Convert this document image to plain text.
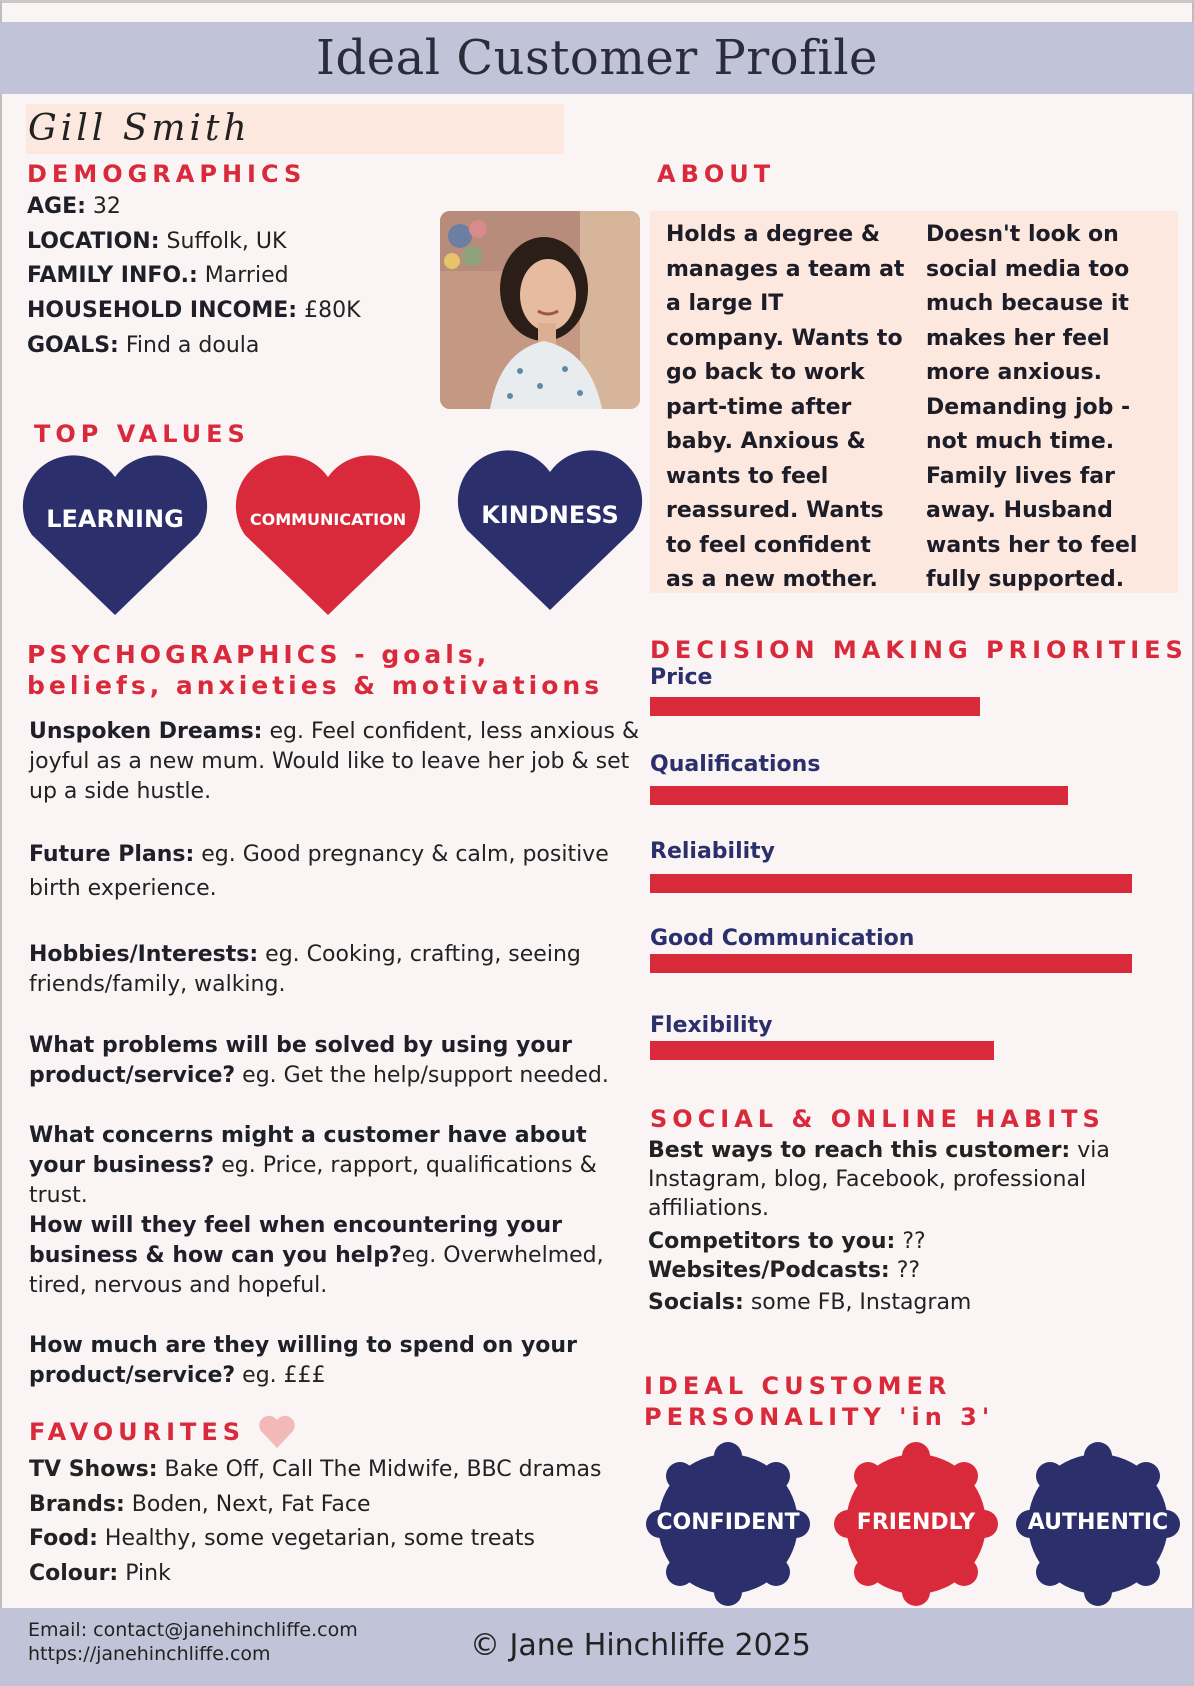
Ideal Customer Profile
Gill Smith
DEMOGRAPHICS
AGE: 32
LOCATION: Suffolk, UK
FAMILY INFO.: Married
HOUSEHOLD INCOME: £80K
GOALS: Find a doula
ABOUT
Holds a degree & manages a team at a large IT company. Wants to go back to work part-time after baby. Anxious & wants to feel reassured. Wants to feel confident as a new mother.
Doesn't look on social media too much because it makes her feel more anxious. Demanding job - not much time. Family lives far away. Husband wants her to feel fully supported.
TOP VALUES
LEARNING	COMMUNICATION	KINDNESS
PSYCHOGRAPHICS - goals,
beliefs, anxieties & motivations
Unspoken Dreams: eg. Feel confident, less anxious & joyful as a new mum. Would like to leave her job & set up a side hustle.
Future Plans: eg. Good pregnancy & calm, positive birth experience.
Hobbies/Interests: eg. Cooking, crafting, seeing friends/family, walking.
What problems will be solved by using your product/service? eg. Get the help/support needed.
What concerns might a customer have about your business? eg. Price, rapport, qualifications & trust.
How will they feel when encountering your business & how can you help?eg. Overwhelmed, tired, nervous and hopeful.
How much are they willing to spend on your product/service? eg. £££
DECISION MAKING PRIORITIES
Price
Qualifications
Reliability
Good Communication
Flexibility
SOCIAL & ONLINE HABITS
Best ways to reach this customer: via Instagram, blog, Facebook, professional affiliations.
Competitors to you: ??
Websites/Podcasts: ??
Socials: some FB, Instagram
IDEAL CUSTOMER
PERSONALITY 'in 3'
CONFIDENT	FRIENDLY	AUTHENTIC
FAVOURITES
TV Shows: Bake Off, Call The Midwife, BBC dramas
Brands: Boden, Next, Fat Face
Food: Healthy, some vegetarian, some treats
Colour: Pink
Email: contact@janehinchliffe.com
https://janehinchliffe.com	© Jane Hinchliffe 2025
